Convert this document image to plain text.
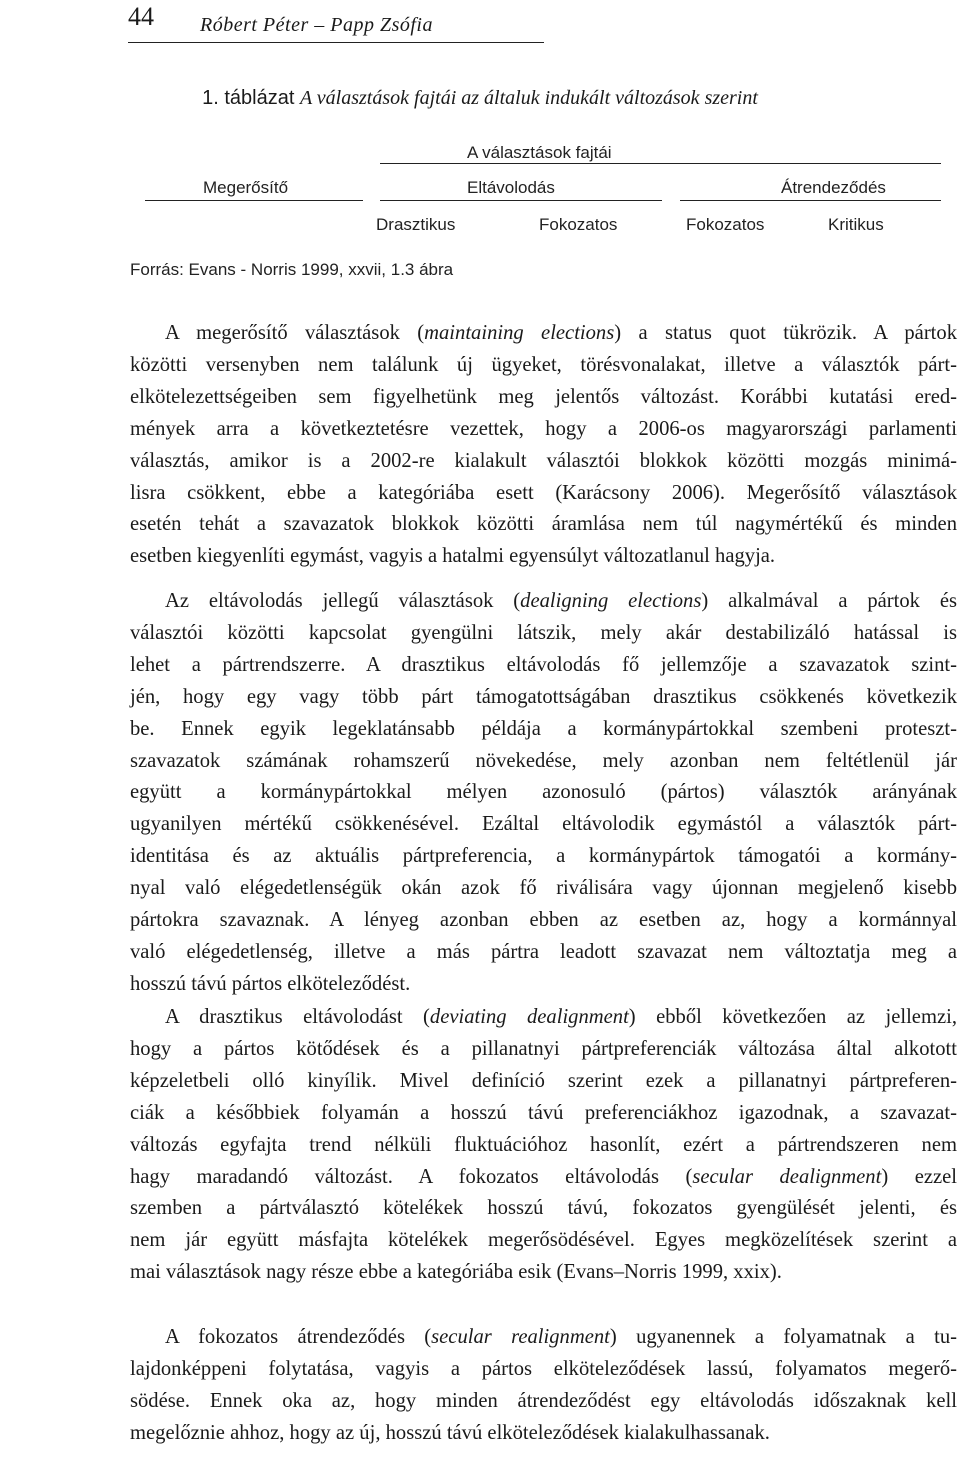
44 Róbert Péter – Papp Zsófia
1. táblázat A választások fajtái az általuk indukált változások szerint
A választások fajtái
Megerősítő	Eltávolodás	Átrendeződés
Drasztikus	Fokozatos	Fokozatos	Kritikus
Forrás: Evans - Norris 1999, xxvii, 1.3 ábra
A megerősítő választások (maintaining elections) a status quot tükrözik. A pártok
közötti versenyben nem találunk új ügyeket, törésvonalakat, illetve a választók párt-
elkötelezettségeiben sem figyelhetünk meg jelentős változást. Korábbi kutatási ered-
mények arra a következtetésre vezettek, hogy a 2006-os magyarországi parlamenti
választás, amikor is a 2002-re kialakult választói blokkok közötti mozgás minimá-
lisra csökkent, ebbe a kategóriába esett (Karácsony 2006). Megerősítő választások
esetén tehát a szavazatok blokkok közötti áramlása nem túl nagymértékű és minden
esetben kiegyenlíti egymást, vagyis a hatalmi egyensúlyt változatlanul hagyja.
Az eltávolodás jellegű választások (dealigning elections) alkalmával a pártok és
választói közötti kapcsolat gyengülni látszik, mely akár destabilizáló hatással is
lehet a pártrendszerre. A drasztikus eltávolodás fő jellemzője a szavazatok szint-
jén, hogy egy vagy több párt támogatottságában drasztikus csökkenés következik
be. Ennek egyik legeklatánsabb példája a kormánypártokkal szembeni proteszt-
szavazatok számának rohamszerű növekedése, mely azonban nem feltétlenül jár
együtt a kormánypártokkal mélyen azonosuló (pártos) választók arányának
ugyanilyen mértékű csökkenésével. Ezáltal eltávolodik egymástól a választók párt-
identitása és az aktuális pártpreferencia, a kormánypártok támogatói a kormány-
nyal való elégedetlenségük okán azok fő riválisára vagy újonnan megjelenő kisebb
pártokra szavaznak. A lényeg azonban ebben az esetben az, hogy a kormánnyal
való elégedetlenség, illetve a más pártra leadott szavazat nem változtatja meg a
hosszú távú pártos elköteleződést.
A drasztikus eltávolodást (deviating dealignment) ebből következően az jellemzi,
hogy a pártos kötődések és a pillanatnyi pártpreferenciák változása által alkotott
képzeletbeli olló kinyílik. Mivel definíció szerint ezek a pillanatnyi pártpreferen-
ciák a későbbiek folyamán a hosszú távú preferenciákhoz igazodnak, a szavazat-
változás egyfajta trend nélküli fluktuációhoz hasonlít, ezért a pártrendszeren nem
hagy maradandó változást. A fokozatos eltávolodás (secular dealignment) ezzel
szemben a pártválasztó kötelékek hosszú távú, fokozatos gyengülését jelenti, és
nem jár együtt másfajta kötelékek megerősödésével. Egyes megközelítések szerint a
mai választások nagy része ebbe a kategóriába esik (Evans–Norris 1999, xxix).
A fokozatos átrendeződés (secular realignment) ugyanennek a folyamatnak a tu-
lajdonképpeni folytatása, vagyis a pártos elköteleződések lassú, folyamatos megerő-
södése. Ennek oka az, hogy minden átrendeződést egy eltávolodás időszaknak kell
megelőznie ahhoz, hogy az új, hosszú távú elköteleződések kialakulhassanak.
